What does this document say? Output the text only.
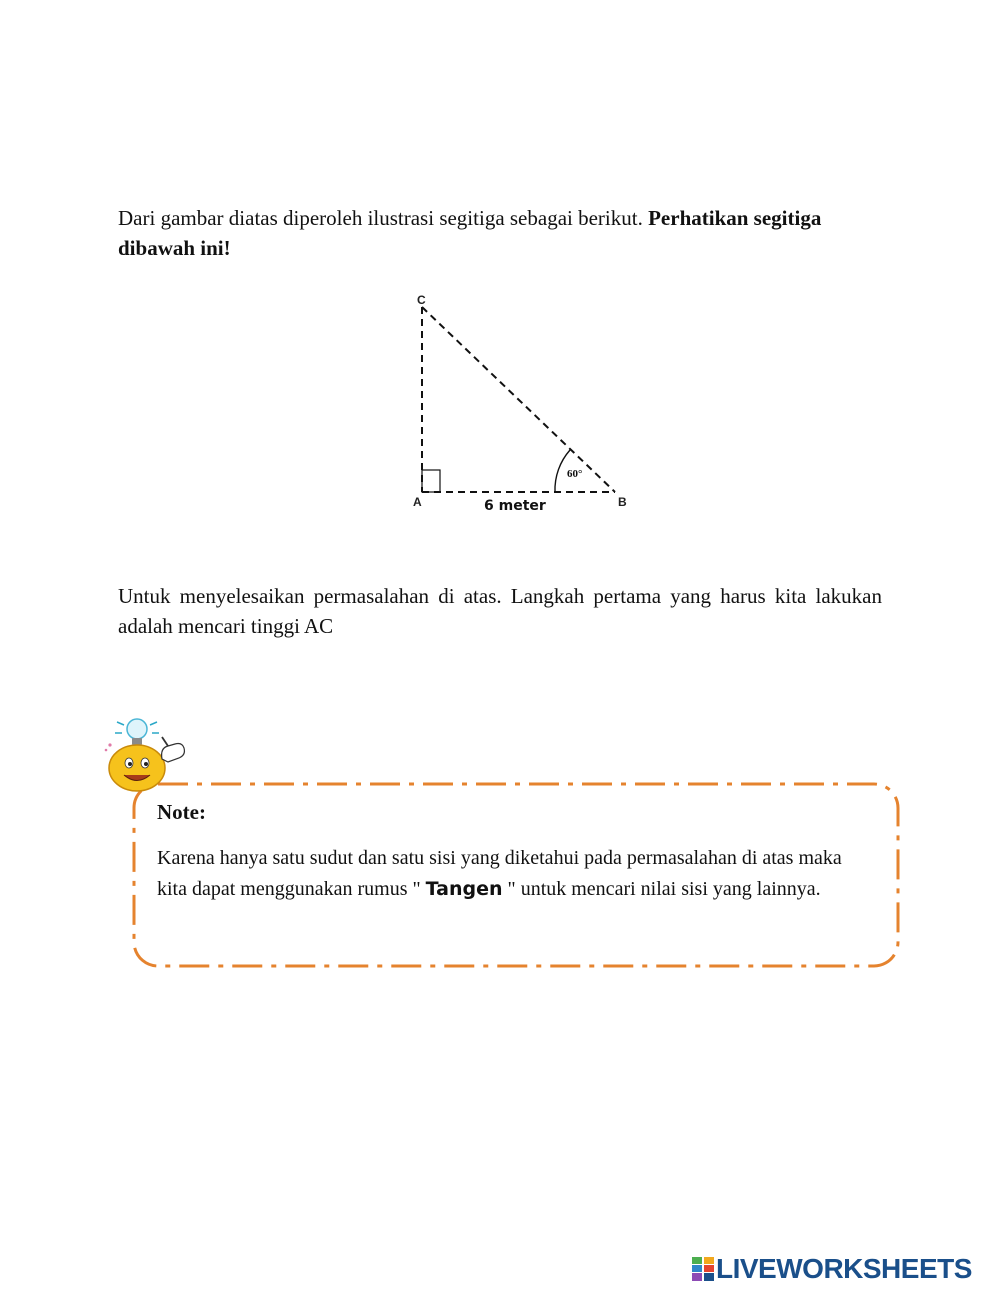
Dari gambar diatas diperoleh ilustrasi segitiga sebagai berikut. Perhatikan segitiga dibawah ini!

C
A	B
6 meter
60°

Untuk menyelesaikan permasalahan di atas. Langkah pertama yang harus kita lakukan adalah mencari tinggi AC

Note:

Karena hanya satu sudut dan satu sisi yang diketahui pada permasalahan di atas maka kita dapat menggunakan rumus " Tangen " untuk mencari nilai sisi yang lainnya.

LIVEWORKSHEETS
